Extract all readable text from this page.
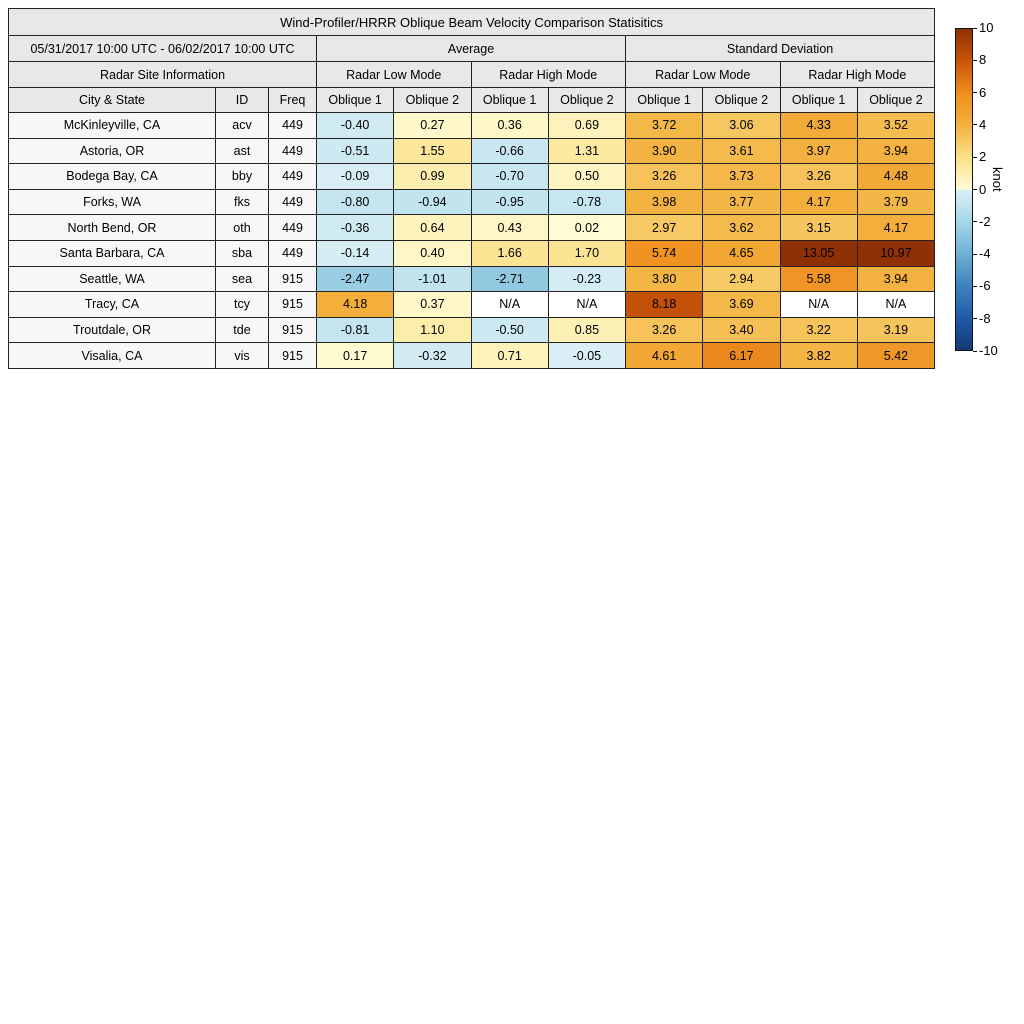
Wind-Profiler/HRRR Oblique Beam Velocity Comparison Statisitics										
05/31/2017 10:00 UTC - 06/02/2017 10:00 UTC			Average				Standard Deviation			
Radar Site Information			Radar Low Mode		Radar High Mode		Radar Low Mode		Radar High Mode	
City & State	ID	Freq	Oblique 1	Oblique 2	Oblique 1	Oblique 2	Oblique 1	Oblique 2	Oblique 1	Oblique 2
McKinleyville, CA	acv	449	-0.40	0.27	0.36	0.69	3.72	3.06	4.33	3.52
Astoria, OR	ast	449	-0.51	1.55	-0.66	1.31	3.90	3.61	3.97	3.94
Bodega Bay, CA	bby	449	-0.09	0.99	-0.70	0.50	3.26	3.73	3.26	4.48
Forks, WA	fks	449	-0.80	-0.94	-0.95	-0.78	3.98	3.77	4.17	3.79
North Bend, OR	oth	449	-0.36	0.64	0.43	0.02	2.97	3.62	3.15	4.17
Santa Barbara, CA	sba	449	-0.14	0.40	1.66	1.70	5.74	4.65	13.05	10.97
Seattle, WA	sea	915	-2.47	-1.01	-2.71	-0.23	3.80	2.94	5.58	3.94
Tracy, CA	tcy	915	4.18	0.37	N/A	N/A	8.18	3.69	N/A	N/A
Troutdale, OR	tde	915	-0.81	1.10	-0.50	0.85	3.26	3.40	3.22	3.19
Visalia, CA	vis	915	0.17	-0.32	0.71	-0.05	4.61	6.17	3.82	5.42
10
8
6
4
2
0
-2
-4
-6
-8
-10
knot
